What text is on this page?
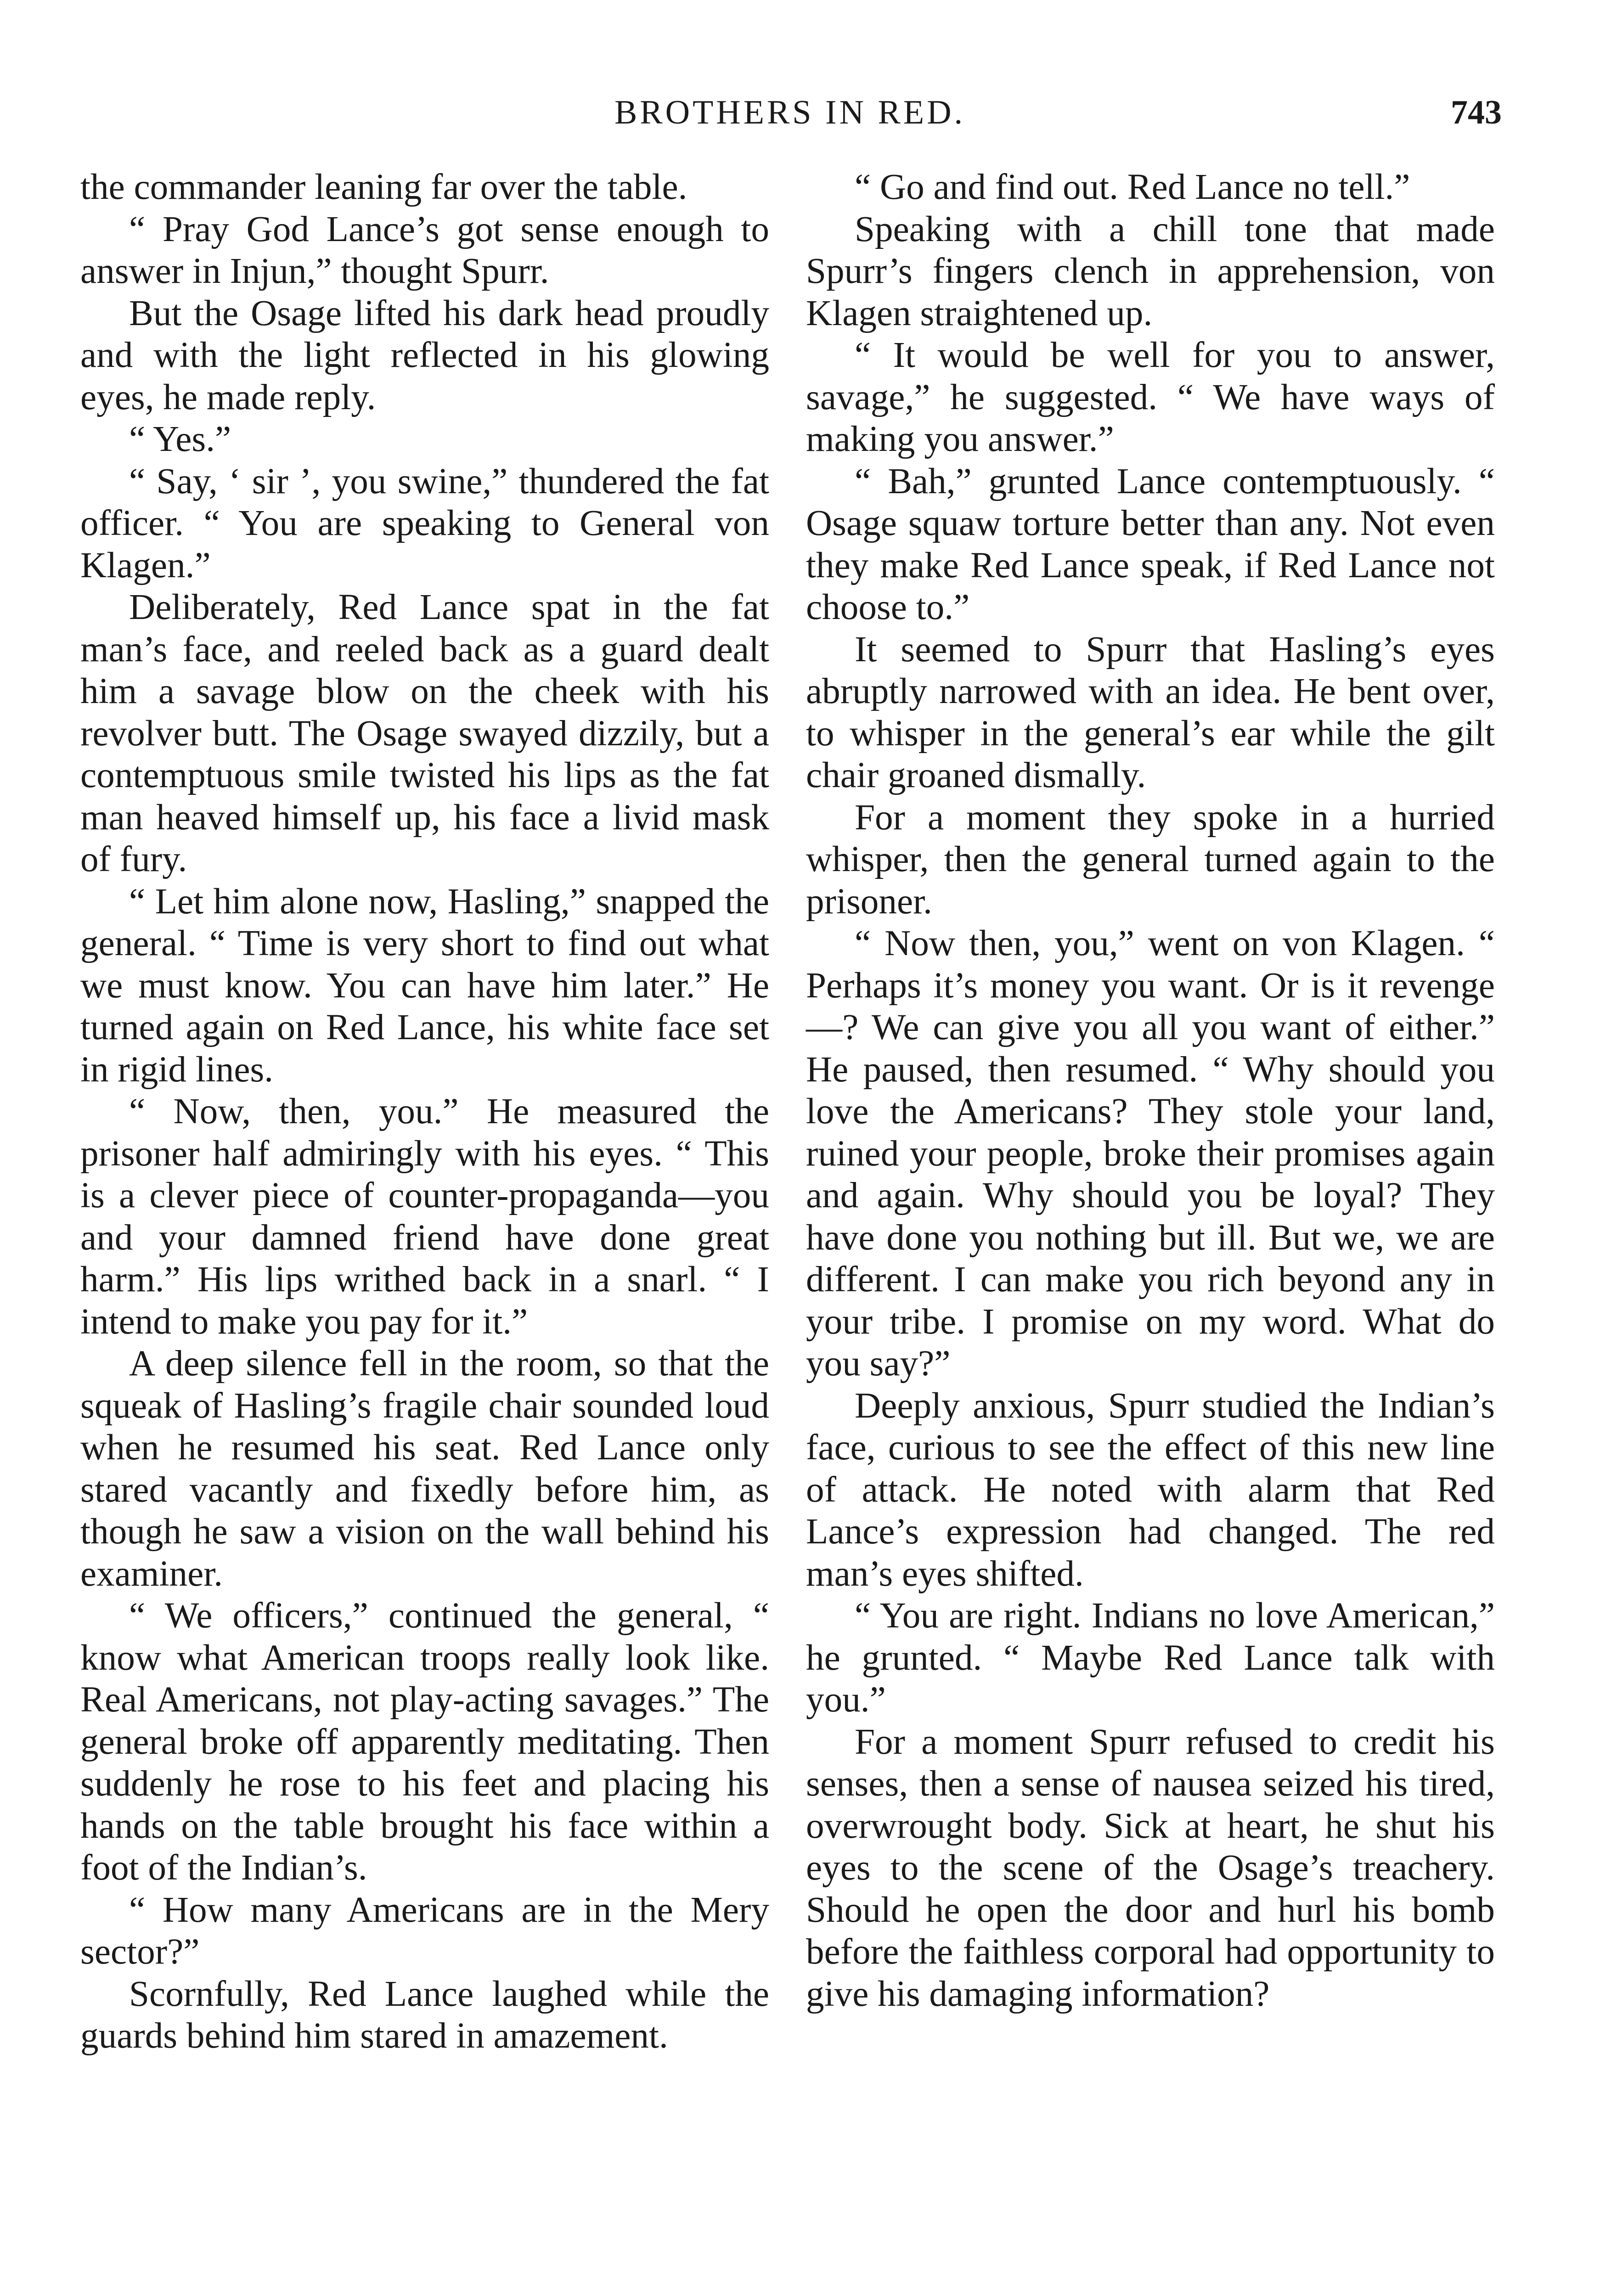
BROTHERS IN RED.	743

the commander leaning far over the table.

“ Pray God Lance’s got sense enough to answer in Injun,” thought Spurr.

But the Osage lifted his dark head proudly and with the light reflected in his glowing eyes, he made reply.

“ Yes.”

“ Say, ‘ sir ’, you swine,” thundered the fat officer. “ You are speaking to General von Klagen.”

Deliberately, Red Lance spat in the fat man’s face, and reeled back as a guard dealt him a savage blow on the cheek with his revolver butt. The Osage swayed dizzily, but a contemptuous smile twisted his lips as the fat man heaved himself up, his face a livid mask of fury.

“ Let him alone now, Hasling,” snapped the general. “ Time is very short to find out what we must know. You can have him later.” He turned again on Red Lance, his white face set in rigid lines.

“ Now, then, you.” He measured the prisoner half admiringly with his eyes. “ This is a clever piece of counter-propaganda—you and your damned friend have done great harm.” His lips writhed back in a snarl. “ I intend to make you pay for it.”

A deep silence fell in the room, so that the squeak of Hasling’s fragile chair sounded loud when he resumed his seat. Red Lance only stared vacantly and fixedly before him, as though he saw a vision on the wall behind his examiner.

“ We officers,” continued the general, “ know what American troops really look like. Real Americans, not play-acting savages.” The general broke off apparently meditating. Then suddenly he rose to his feet and placing his hands on the table brought his face within a foot of the Indian’s.

“ How many Americans are in the Mery sector?”

Scornfully, Red Lance laughed while the guards behind him stared in amazement.

“ Go and find out. Red Lance no tell.”

Speaking with a chill tone that made Spurr’s fingers clench in apprehension, von Klagen straightened up.

“ It would be well for you to answer, savage,” he suggested. “ We have ways of making you answer.”

“ Bah,” grunted Lance contemptuously. “ Osage squaw torture better than any. Not even they make Red Lance speak, if Red Lance not choose to.”

It seemed to Spurr that Hasling’s eyes abruptly narrowed with an idea. He bent over, to whisper in the general’s ear while the gilt chair groaned dismally.

For a moment they spoke in a hurried whisper, then the general turned again to the prisoner.

“ Now then, you,” went on von Klagen. “ Perhaps it’s money you want. Or is it revenge—? We can give you all you want of either.” He paused, then resumed. “ Why should you love the Americans? They stole your land, ruined your people, broke their promises again and again. Why should you be loyal? They have done you nothing but ill. But we, we are different. I can make you rich beyond any in your tribe. I promise on my word. What do you say?”

Deeply anxious, Spurr studied the Indian’s face, curious to see the effect of this new line of attack. He noted with alarm that Red Lance’s expression had changed. The red man’s eyes shifted.

“ You are right. Indians no love American,” he grunted. “ Maybe Red Lance talk with you.”

For a moment Spurr refused to credit his senses, then a sense of nausea seized his tired, overwrought body. Sick at heart, he shut his eyes to the scene of the Osage’s treachery. Should he open the door and hurl his bomb before the faithless corporal had opportunity to give his damaging information?
